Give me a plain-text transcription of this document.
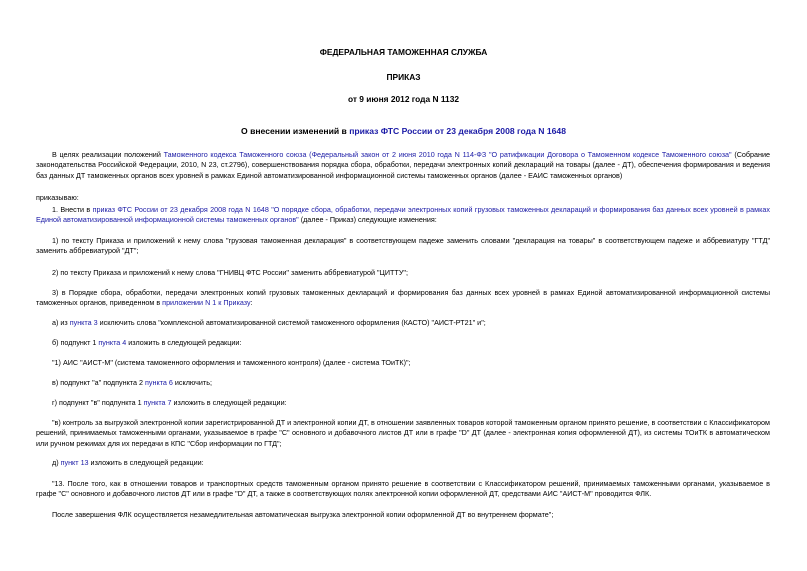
ФЕДЕРАЛЬНАЯ ТАМОЖЕННАЯ СЛУЖБА
ПРИКАЗ
от 9 июня 2012 года N 1132
О внесении изменений в приказ ФТС России от 23 декабря 2008 года N 1648

В целях реализации положений Таможенного кодекса Таможенного союза (Федеральный закон от 2 июня 2010 года N 114-ФЗ "О ратификации Договора о Таможенном кодексе Таможенного союза" (Собрание законодательства Российской Федерации, 2010, N 23, ст.2796), совершенствования порядка сбора, обработки, передачи электронных копий деклараций на товары (далее - ДТ), обеспечения формирования и ведения баз данных ДТ таможенных органов всех уровней в рамках Единой автоматизированной информационной системы таможенных органов (далее - ЕАИС таможенных органов)

приказываю:

1. Внести в приказ ФТС России от 23 декабря 2008 года N 1648 "О порядке сбора, обработки, передачи электронных копий грузовых таможенных деклараций и формирования баз данных всех уровней в рамках Единой автоматизированной информационной системы таможенных органов" (далее - Приказ) следующие изменения:

1) по тексту Приказа и приложений к нему слова "грузовая таможенная декларация" в соответствующем падеже заменить словами "декларация на товары" в соответствующем падеже и аббревиатуру "ГТД" заменить аббревиатурой "ДТ";

2) по тексту Приказа и приложений к нему слова "ГНИВЦ ФТС России" заменить аббревиатурой "ЦИТТУ";

3) в Порядке сбора, обработки, передачи электронных копий грузовых таможенных деклараций и формирования баз данных всех уровней в рамках Единой автоматизированной информационной системы таможенных органов, приведенном в приложении N 1 к Приказу:

а) из пункта 3 исключить слова "комплексной автоматизированной системой таможенного оформления (КАСТО) "АИСТ-РТ21" и";

б) подпункт 1 пункта 4 изложить в следующей редакции:

"1) АИС "АИСТ-М" (система таможенного оформления и таможенного контроля) (далее - система ТОиТК)";

в) подпункт "а" подпункта 2 пункта 6 исключить;

г) подпункт "в" подпункта 1 пункта 7 изложить в следующей редакции:

"в) контроль за выгрузкой электронной копии зарегистрированной ДТ и электронной копии ДТ, в отношении заявленных товаров которой таможенным органом принято решение, в соответствии с Классификатором решений, принимаемых таможенными органами, указываемое в графе "С" основного и добавочного листов ДТ или в графе "D" ДТ (далее - электронная копия оформленной ДТ), из системы ТОиТК в автоматическом или ручном режимах для их передачи в КПС "Сбор информации по ГТД";

д) пункт 13 изложить в следующей редакции:

"13. После того, как в отношении товаров и транспортных средств таможенным органом принято решение в соответствии с Классификатором решений, принимаемых таможенными органами, указываемое в графе "С" основного и добавочного листов ДТ или в графе "D" ДТ, а также в соответствующих полях электронной копии оформленной ДТ, средствами АИС "АИСТ-М" проводится ФЛК.

После завершения ФЛК осуществляется незамедлительная автоматическая выгрузка электронной копии оформленной ДТ во внутреннем формате";
